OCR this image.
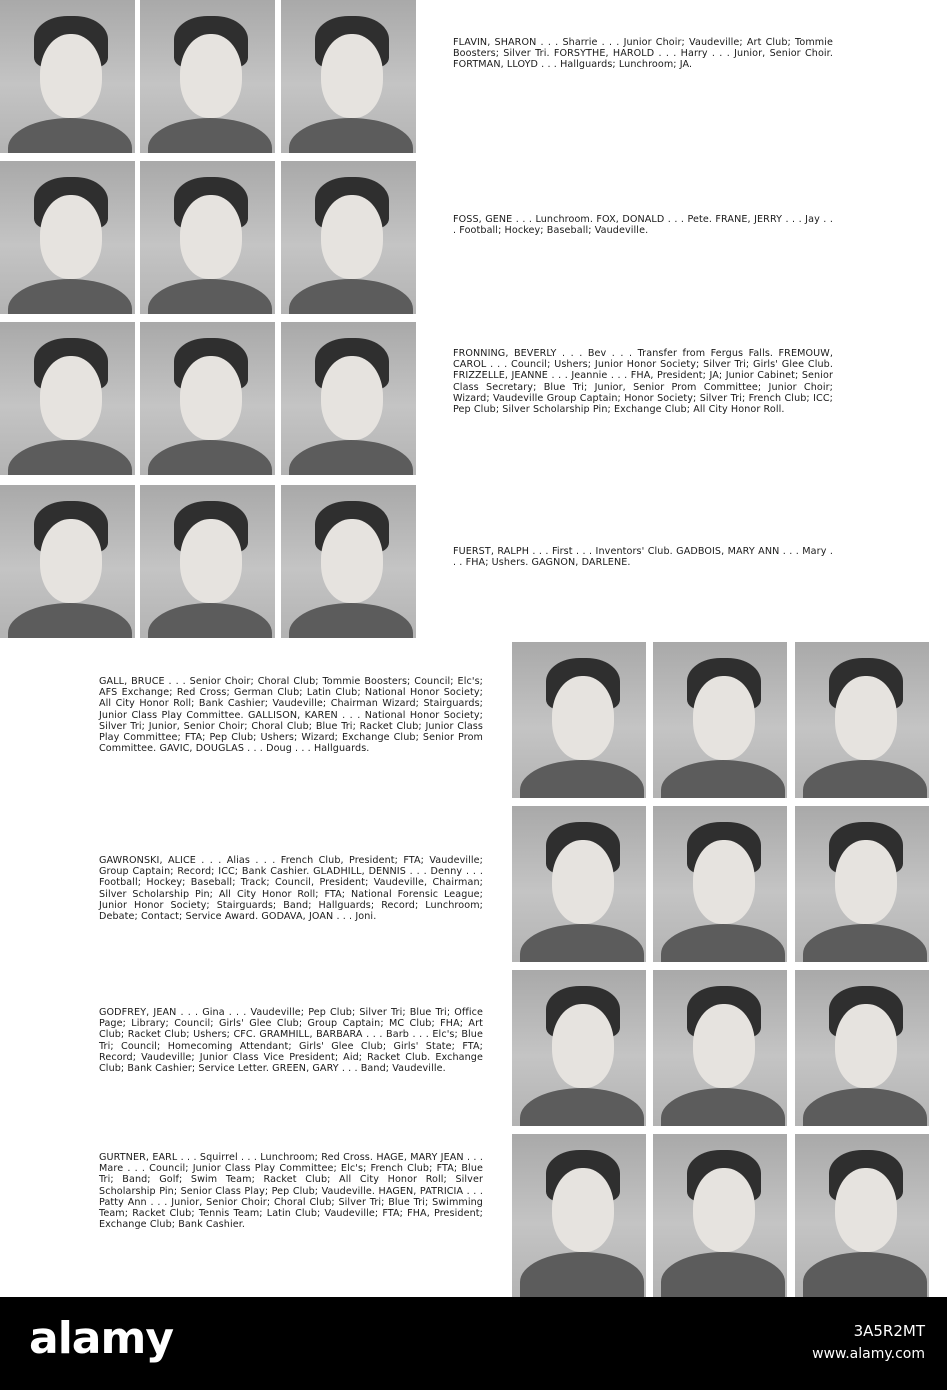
FLAVIN, SHARON . . . Sharrie . . . Junior Choir; Vaudeville; Art Club; Tommie Boosters; Silver Tri. FORSYTHE, HAROLD . . . Harry . . . Junior, Senior Choir. FORTMAN, LLOYD . . . Hallguards; Lunchroom; JA.

FOSS, GENE . . . Lunchroom. FOX, DONALD . . . Pete. FRANE, JERRY . . . Jay . . . Football; Hockey; Baseball; Vaudeville.

FRONNING, BEVERLY . . . Bev . . . Transfer from Fergus Falls. FREMOUW, CAROL . . . Council; Ushers; Junior Honor Society; Silver Tri; Girls' Glee Club. FRIZZELLE, JEANNE . . . Jeannie . . . FHA, President; JA; Junior Cabinet; Senior Class Secretary; Blue Tri; Junior, Senior Prom Committee; Junior Choir; Wizard; Vaudeville Group Captain; Honor Society; Silver Tri; French Club; ICC; Pep Club; Silver Scholarship Pin; Exchange Club; All City Honor Roll.

FUERST, RALPH . . . First . . . Inventors' Club. GADBOIS, MARY ANN . . . Mary . . . FHA; Ushers. GAGNON, DARLENE.

GALL, BRUCE . . . Senior Choir; Choral Club; Tommie Boosters; Council; Elc's; AFS Exchange; Red Cross; German Club; Latin Club; National Honor Society; All City Honor Roll; Bank Cashier; Vaudeville; Chairman Wizard; Stairguards; Junior Class Play Committee. GALLISON, KAREN . . . National Honor Society; Silver Tri; Junior, Senior Choir; Choral Club; Blue Tri; Racket Club; Junior Class Play Committee; FTA; Pep Club; Ushers; Wizard; Exchange Club; Senior Prom Committee. GAVIC, DOUGLAS . . . Doug . . . Hallguards.

GAWRONSKI, ALICE . . . Alias . . . French Club, President; FTA; Vaudeville; Group Captain; Record; ICC; Bank Cashier. GLADHILL, DENNIS . . . Denny . . . Football; Hockey; Baseball; Track; Council, President; Vaudeville, Chairman; Silver Scholarship Pin; All City Honor Roll; FTA; National Forensic League; Junior Honor Society; Stairguards; Band; Hallguards; Record; Lunchroom; Debate; Contact; Service Award. GODAVA, JOAN . . . Joni.

GODFREY, JEAN . . . Gina . . . Vaudeville; Pep Club; Silver Tri; Blue Tri; Office Page; Library; Council; Girls' Glee Club; Group Captain; MC Club; FHA; Art Club; Racket Club; Ushers; CFC. GRAMHILL, BARBARA . . . Barb . . . Elc's; Blue Tri; Council; Homecoming Attendant; Girls' Glee Club; Girls' State; FTA; Record; Vaudeville; Junior Class Vice President; Aid; Racket Club. Exchange Club; Bank Cashier; Service Letter. GREEN, GARY . . . Band; Vaudeville.

GURTNER, EARL . . . Squirrel . . . Lunchroom; Red Cross. HAGE, MARY JEAN . . . Mare . . . Council; Junior Class Play Committee; Elc's; French Club; FTA; Blue Tri; Band; Golf; Swim Team; Racket Club; All City Honor Roll; Silver Scholarship Pin; Senior Class Play; Pep Club; Vaudeville. HAGEN, PATRICIA . . . Patty Ann . . . Junior, Senior Choir; Choral Club; Silver Tri; Blue Tri; Swimming Team; Racket Club; Tennis Team; Latin Club; Vaudeville; FTA; FHA, President; Exchange Club; Bank Cashier.

alamy	3A5R2MT

www.alamy.com
